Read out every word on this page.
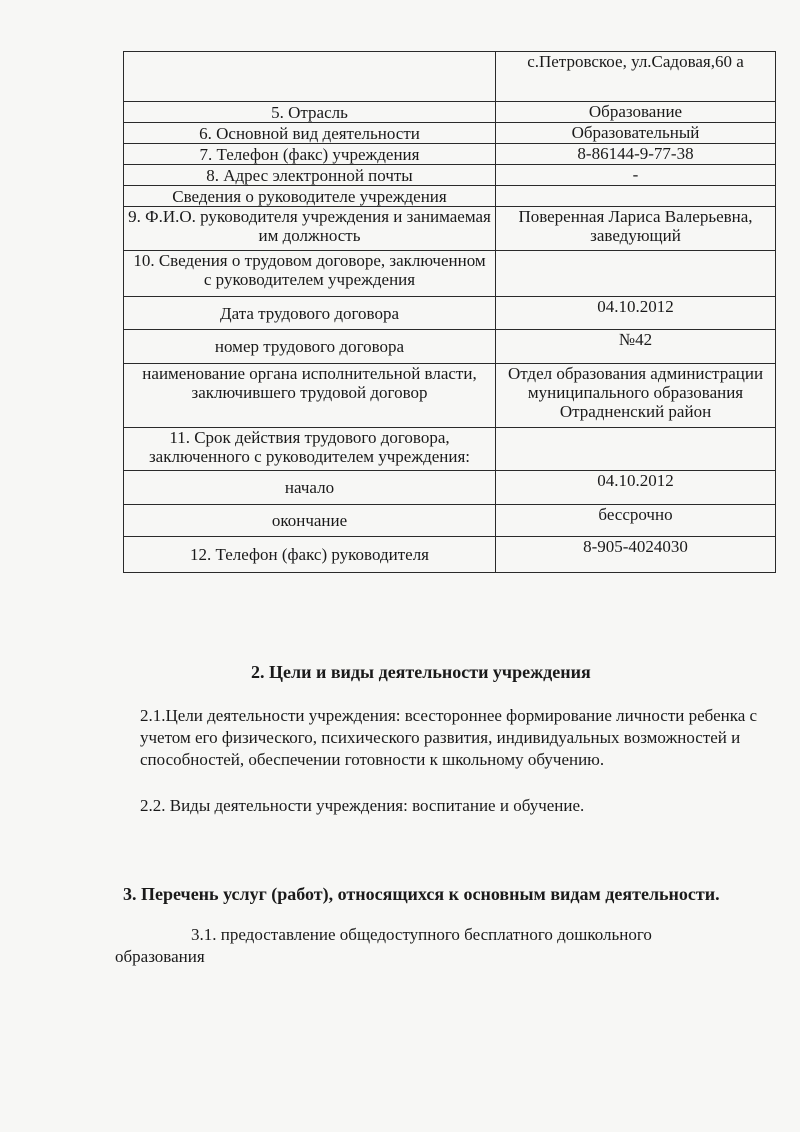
	с.Петровское, ул.Садовая,60 а
5. Отрасль	Образование
6. Основной вид деятельности	Образовательный
7. Телефон (факс) учреждения	8-86144-9-77-38
8. Адрес электронной почты	-
Сведения о руководителе учреждения	
9. Ф.И.О. руководителя учреждения и занимаемая им должность	Поверенная Лариса Валерьевна, заведующий
10. Сведения о трудовом договоре, заключенном с руководителем учреждения	
Дата трудового договора	04.10.2012
номер трудового договора	№42
наименование органа исполнительной власти, заключившего трудовой договор	Отдел образования администрации муниципального образования Отрадненский район
11. Срок действия трудового договора, заключенного с руководителем учреждения:	
начало	04.10.2012
окончание	бессрочно
12. Телефон (факс) руководителя	8-905-4024030
2. Цели и виды деятельности учреждения
2.1.Цели деятельности учреждения: всестороннее формирование личности ребенка с учетом его физического, психического развития, индивидуальных возможностей и способностей, обеспечении готовности к школьному обучению.
2.2. Виды деятельности учреждения: воспитание и обучение.
3. Перечень услуг (работ), относящихся к основным видам деятельности.
3.1. предоставление общедоступного бесплатного дошкольного образования
